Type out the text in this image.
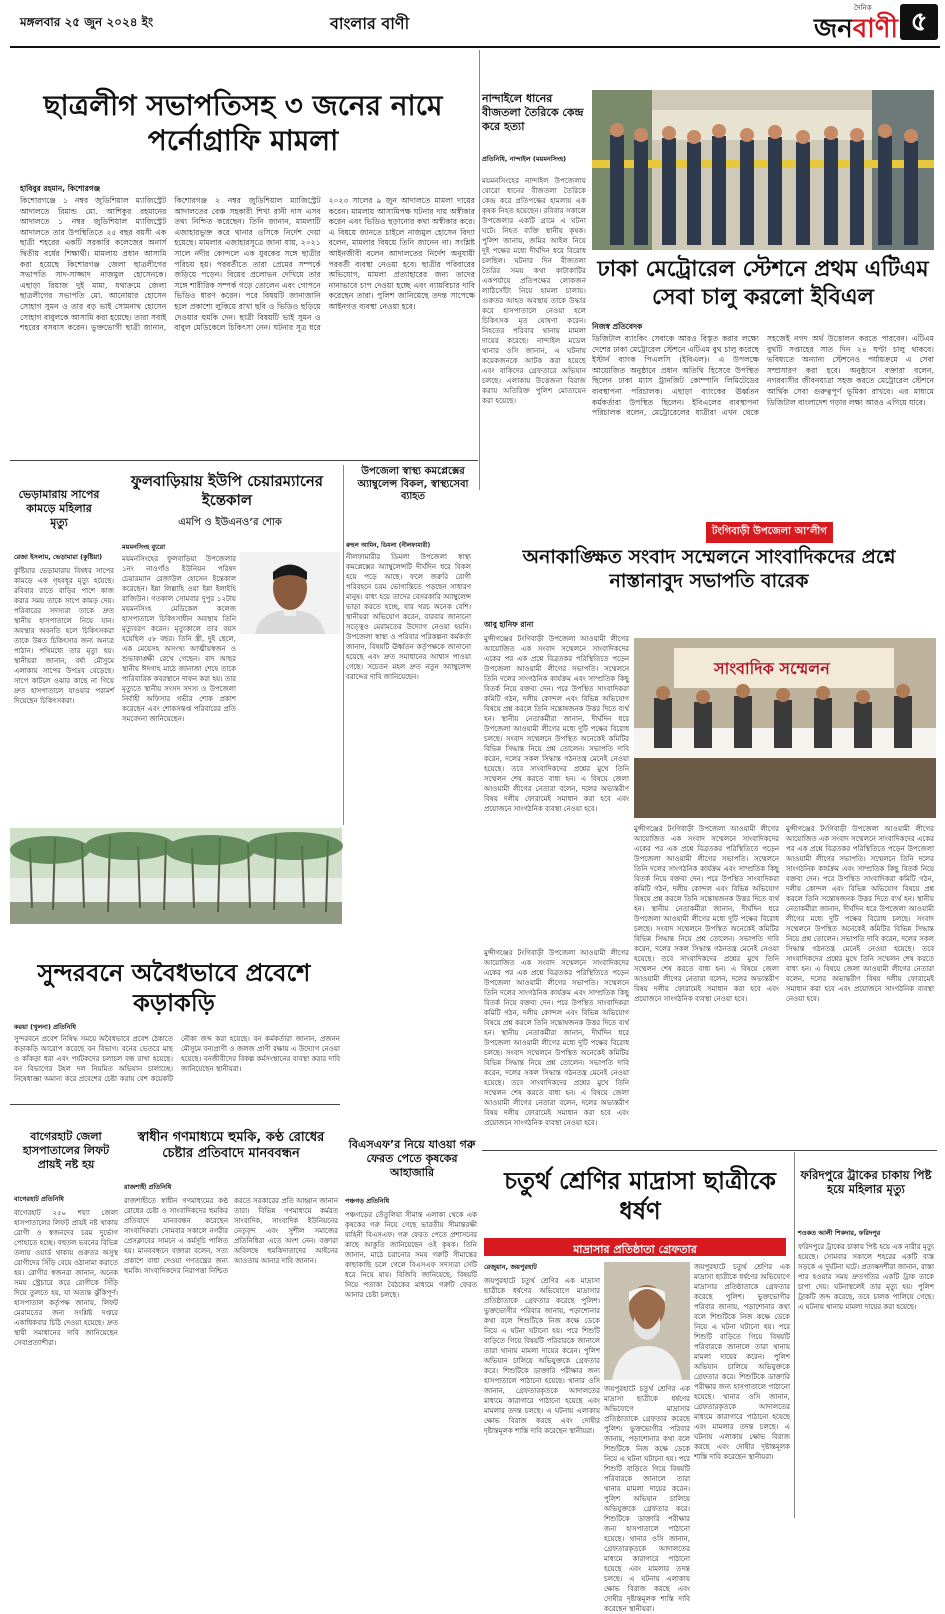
মঙ্গলবার ২৫ জুন ২০২৪ ইং	বাংলার বাণী
দৈনিক
জনবাণী ৫
ছাত্রলীগ সভাপতিসহ ৩ জনের নামে পর্নোগ্রাফি মামলা
হাবিবুর রহমান, কিশোরগঞ্জ
কিশোরগঞ্জে ১ নম্বর জুডিশিয়াল ম্যাজিস্ট্রেট আদালতে রিমান্ড মো. আশিকুর রহমানের আদালতে ১ নম্বর জুডিশিয়াল ম্যাজিস্ট্রেট আদালতে তার উপস্থিতিতে ২৫ বছর বয়সী এক ছাত্রী শহরের একটি সরকারি কলেজের অনার্স দ্বিতীয় বর্ষের শিক্ষার্থী। মামলায় প্রধান আসামি করা হয়েছে কিশোরগঞ্জ জেলা ছাত্রলীগের সভাপতি সাদ-সাজ্জাদ নাজমুল হোসেনকে। এছাড়া রিয়াজ দুই মামা, যথাক্রমে জেলা ছাত্রলীগের সভাপতি মো. আনোয়ার হোসেন সোহাগ সুমন ও তার বড় ভাই সোমনাথ হোসেন সোহাগ বাবুলকে আসামি করা হয়েছে। তারা সবাই শহরের বসবাস করেন। ভুক্তভোগী ছাত্রী জানান, কিশোরগঞ্জ ২ নম্বর জুডিশিয়াল ম্যাজিস্ট্রেট আদালতের বেঞ্চ সহকারী শিখা রানী দাস এসব তথ্য নিশ্চিত করেছেন। তিনি জানান, মামলাটি এজাহারভুক্ত করে থানার ওসিকে নির্দেশ দেয়া হয়েছে। মামলার এজাহারসূত্রে জানা যায়, ২০২১ সালে নদীর কোন্দলে এক যুবকের সঙ্গে ছাত্রীর পরিচয় হয়। পরবর্তীতে তারা প্রেমের সম্পর্কে জড়িয়ে পড়েন। বিয়ের প্রলোভন দেখিয়ে তার সঙ্গে শারীরিক সম্পর্ক গড়ে তোলেন এবং গোপনে ভিডিও ধারণ করেন। পরে বিষয়টি জানাজানি হলে প্রকাশ্যে লুকিয়ে রাখা ছবি ও ভিডিও ছড়িয়ে দেওয়ার হুমকি দেন। ছাত্রী বিষয়টি ভাই সুমন ও বাবুল মেডিকেলে চিকিৎসা নেন। ঘটনার সূত্র ধরে ২০২৩ সালের ৯ জুন আদালতে মামলা দায়ের করেন। মামলায় আসামিপক্ষ ঘটনার দায় অস্বীকার করেন এবং ভিডিও ছড়ানোর কথা অস্বীকার করে। এ বিষয়ে জানতে চাইলে নাজমুল হোসেন বিদ্যা বলেন, মামলার বিষয়ে তিনি জানেন না। সংশ্লিষ্ট আইনজীবী বলেন আদালতের নির্দেশ অনুযায়ী পরবর্তী ব্যবস্থা নেওয়া হবে। ছাত্রীর পরিবারের অভিযোগ, মামলা প্রত্যাহারের জন্য তাদের নানাভাবে চাপ দেওয়া হচ্ছে এবং ন্যায়বিচার দাবি করেছেন তারা। পুলিশ জানিয়েছে তদন্ত সাপেক্ষে আইনগত ব্যবস্থা নেওয়া হবে।
নান্দাইলে ধানের বীজতলা তৈরিকে কেন্দ্র করে হত্যা
প্রতিনিধি, নান্দাইল (ময়মনসিংহ)
ময়মনসিংহের নান্দাইল উপজেলায় বোরো ধানের বীজতলা তৈরিকে কেন্দ্র করে প্রতিপক্ষের হামলায় এক কৃষক নিহত হয়েছেন। রবিবার সকালে উপজেলার একটি গ্রামে এ ঘটনা ঘটে। নিহত ব্যক্তি স্থানীয় কৃষক। পুলিশ জানায়, জমির আইল নিয়ে দুই পক্ষের মধ্যে দীর্ঘদিন ধরে বিরোধ চলছিল। ঘটনার দিন বীজতলা তৈরির সময় কথা কাটাকাটির একপর্যায়ে প্রতিপক্ষের লোকজন লাঠিসোঁটা নিয়ে হামলা চালায়। গুরুতর আহত অবস্থায় তাকে উদ্ধার করে হাসপাতালে নেওয়া হলে চিকিৎসক মৃত ঘোষণা করেন। নিহতের পরিবার থানায় মামলা দায়ের করেছে। নান্দাইল মডেল থানার ওসি জানান, এ ঘটনায় কয়েকজনকে আটক করা হয়েছে এবং বাকিদের গ্রেফতারে অভিযান চলছে। এলাকায় উত্তেজনা বিরাজ করায় অতিরিক্ত পুলিশ মোতায়েন করা হয়েছে।
ঢাকা মেট্রোরেল স্টেশনে প্রথম এটিএম সেবা চালু করলো ইবিএল
নিজস্ব প্রতিবেদক
ডিজিটাল ব্যাংকিং সেবাকে আরও বিস্তৃত করার লক্ষ্যে দেশের ঢাকা মেট্রোরেল স্টেশনে এটিএম বুথ চালু করেছে ইস্টার্ন ব্যাংক পিএলসি (ইবিএল)। এ উপলক্ষে আয়োজিত অনুষ্ঠানে প্রধান অতিথি হিসেবে উপস্থিত ছিলেন ঢাকা ম্যাস ট্রানজিট কোম্পানি লিমিটেডের ব্যবস্থাপনা পরিচালক। এছাড়া ব্যাংকের ঊর্ধ্বতন কর্মকর্তারা উপস্থিত ছিলেন। ইবিএলের ব্যবস্থাপনা পরিচালক বলেন, মেট্রোরেলের যাত্রীরা এখন থেকে সহজেই নগদ অর্থ উত্তোলন করতে পারবেন। এটিএম বুথটি সপ্তাহের সাত দিন ২৪ ঘণ্টা চালু থাকবে। ভবিষ্যতে অন্যান্য স্টেশনেও পর্যায়ক্রমে এ সেবা সম্প্রসারণ করা হবে। অনুষ্ঠানে বক্তারা বলেন, নগরবাসীর জীবনযাত্রা সহজ করতে মেট্রোরেল স্টেশনে আর্থিক সেবা গুরুত্বপূর্ণ ভূমিকা রাখবে। এর মাধ্যমে ডিজিটাল বাংলাদেশ গড়ার লক্ষ্য আরও এগিয়ে যাবে।
ভেড়ামারায় সাপের কামড়ে মহিলার মৃত্যু
রেজা ইসলাম, ভেড়ামারা (কুষ্টিয়া)
কুষ্টিয়ার ভেড়ামারায় বিষধর সাপের কামড়ে এক গৃহবধূর মৃত্যু হয়েছে। রবিবার রাতে বাড়ির পাশে কাজ করার সময় তাকে সাপে কামড় দেয়। পরিবারের সদস্যরা তাকে দ্রুত স্থানীয় হাসপাতালে নিয়ে যান। অবস্থার অবনতি হলে চিকিৎসকরা তাকে উন্নত চিকিৎসার জন্য অন্যত্র পাঠান। পথিমধ্যে তার মৃত্যু হয়। স্থানীয়রা জানান, বর্ষা মৌসুমে এলাকায় সাপের উপদ্রব বেড়েছে। সাপে কাটলে ওঝার কাছে না গিয়ে দ্রুত হাসপাতালে যাওয়ার পরামর্শ দিয়েছেন চিকিৎসকরা।
ফুলবাড়িয়ায় ইউপি চেয়ারম্যানের ইন্তেকাল
এমপি ও ইউএনও’র শোক
ময়মনসিংহ ব্যুরো
ময়মনসিংহের ফুলবাড়িয়া উপজেলার ১নং নাওগাঁও ইউনিয়ন পরিষদ চেয়ারম্যান রেজাউল হোসেন ইন্তেকাল করেছেন। ইন্না লিল্লাহি ওয়া ইন্না ইলাইহি রাজিউন। গতকাল সোমবার দুপুর ১২টায় ময়মনসিংহ মেডিকেল কলেজ হাসপাতালে চিকিৎসাধীন অবস্থায় তিনি মৃত্যুবরণ করেন। মৃত্যুকালে তার বয়স হয়েছিল ৫৮ বছর। তিনি স্ত্রী, দুই ছেলে, এক মেয়েসহ অসংখ্য আত্মীয়স্বজন ও শুভাকাঙ্ক্ষী রেখে গেছেন। বাদ আছর স্থানীয় ঈদগাহ মাঠে জানাজা শেষে তাকে পারিবারিক কবরস্থানে দাফন করা হয়। তার মৃত্যুতে স্থানীয় সংসদ সদস্য ও উপজেলা নির্বাহী অফিসার গভীর শোক প্রকাশ করেছেন এবং শোকসন্তপ্ত পরিবারের প্রতি সমবেদনা জানিয়েছেন।
উপজেলা স্বাস্থ্য কমপ্লেক্সের অ্যাম্বুলেন্স বিকল, স্বাস্থ্যসেবা ব্যাহত
রুহুল আমিন, ডিমলা (নীলফামারী)
নীলফামারীর ডিমলা উপজেলা স্বাস্থ্য কমপ্লেক্সের অ্যাম্বুলেন্সটি দীর্ঘদিন ধরে বিকল হয়ে পড়ে আছে। ফলে জরুরি রোগী পরিবহনে চরম ভোগান্তিতে পড়ছেন সাধারণ মানুষ। বাধ্য হয়ে তাদের বেসরকারি অ্যাম্বুলেন্স ভাড়া করতে হচ্ছে, যার খরচ অনেক বেশি। স্থানীয়রা অভিযোগ করেন, বারবার জানানো সত্ত্বেও মেরামতের উদ্যোগ নেওয়া হয়নি। উপজেলা স্বাস্থ্য ও পরিবার পরিকল্পনা কর্মকর্তা জানান, বিষয়টি ঊর্ধ্বতন কর্তৃপক্ষকে জানানো হয়েছে এবং দ্রুত সমাধানের আশ্বাস পাওয়া গেছে। সচেতন মহল দ্রুত নতুন অ্যাম্বুলেন্স বরাদ্দের দাবি জানিয়েছেন।
সুন্দরবনে অবৈধভাবে প্রবেশে কড়াকড়ি
করয়া (খুলনা) প্রতিনিধি
সুন্দরবনে প্রবেশ নিষিদ্ধ সময়ে অবৈধভাবে প্রবেশ ঠেকাতে কড়াকড়ি আরোপ করেছে বন বিভাগ। বনের ভেতরে মাছ ও কাঁকড়া ধরা এবং পর্যটকদের চলাচল বন্ধ রাখা হয়েছে। বন বিভাগের টহল দল নিয়মিত অভিযান চালাচ্ছে। নিষেধাজ্ঞা অমান্য করে প্রবেশের চেষ্টা করায় বেশ কয়েকটি নৌকা জব্দ করা হয়েছে। বন কর্মকর্তারা জানান, প্রজনন মৌসুমে বন্যপ্রাণী ও জলজ প্রাণী রক্ষায় এ উদ্যোগ নেওয়া হয়েছে। বনজীবীদের বিকল্প কর্মসংস্থানের ব্যবস্থা করার দাবি জানিয়েছেন স্থানীয়রা।
টংগিবাড়ী উপজেলা আ’লীগ
অনাকাঙ্ক্ষিত সংবাদ সম্মেলনে সাংবাদিকদের প্রশ্নে নাস্তানাবুদ সভাপতি বারেক
আবু হানিফ রানা
মুন্সীগঞ্জের টংগিবাড়ী উপজেলা আওয়ামী লীগের আয়োজিত এক সংবাদ সম্মেলনে সাংবাদিকদের একের পর এক প্রশ্নে বিব্রতকর পরিস্থিতিতে পড়েন উপজেলা আওয়ামী লীগের সভাপতি। সম্মেলনে তিনি দলের সাংগঠনিক কার্যক্রম এবং সাম্প্রতিক কিছু বিতর্ক নিয়ে বক্তব্য দেন। পরে উপস্থিত সাংবাদিকরা কমিটি গঠন, দলীয় কোন্দল এবং বিভিন্ন অভিযোগ বিষয়ে প্রশ্ন করলে তিনি সন্তোষজনক উত্তর দিতে ব্যর্থ হন। স্থানীয় নেতাকর্মীরা জানান, দীর্ঘদিন ধরে উপজেলা আওয়ামী লীগের মধ্যে দুটি পক্ষের বিরোধ চলছে। সংবাদ সম্মেলনে উপস্থিত অনেকেই কমিটির বিভিন্ন সিদ্ধান্ত নিয়ে প্রশ্ন তোলেন। সভাপতি দাবি করেন, দলের সকল সিদ্ধান্ত গঠনতন্ত্র মেনেই নেওয়া হয়েছে। তবে সাংবাদিকদের প্রশ্নের মুখে তিনি সম্মেলন শেষ করতে বাধ্য হন। এ বিষয়ে জেলা আওয়ামী লীগের নেতারা বলেন, দলের অভ্যন্তরীণ বিষয় দলীয় ফোরামেই সমাধান করা হবে এবং প্রয়োজনে সাংগঠনিক ব্যবস্থা নেওয়া হবে।
সাংবাদিক সম্মেলন
মুন্সীগঞ্জের টংগিবাড়ী উপজেলা আওয়ামী লীগের আয়োজিত এক সংবাদ সম্মেলনে সাংবাদিকদের একের পর এক প্রশ্নে বিব্রতকর পরিস্থিতিতে পড়েন উপজেলা আওয়ামী লীগের সভাপতি। সম্মেলনে তিনি দলের সাংগঠনিক কার্যক্রম এবং সাম্প্রতিক কিছু বিতর্ক নিয়ে বক্তব্য দেন। পরে উপস্থিত সাংবাদিকরা কমিটি গঠন, দলীয় কোন্দল এবং বিভিন্ন অভিযোগ বিষয়ে প্রশ্ন করলে তিনি সন্তোষজনক উত্তর দিতে ব্যর্থ হন। স্থানীয় নেতাকর্মীরা জানান, দীর্ঘদিন ধরে উপজেলা আওয়ামী লীগের মধ্যে দুটি পক্ষের বিরোধ চলছে। সংবাদ সম্মেলনে উপস্থিত অনেকেই কমিটির বিভিন্ন সিদ্ধান্ত নিয়ে প্রশ্ন তোলেন। সভাপতি দাবি করেন, দলের সকল সিদ্ধান্ত গঠনতন্ত্র মেনেই নেওয়া হয়েছে। তবে সাংবাদিকদের প্রশ্নের মুখে তিনি সম্মেলন শেষ করতে বাধ্য হন। এ বিষয়ে জেলা আওয়ামী লীগের নেতারা বলেন, দলের অভ্যন্তরীণ বিষয় দলীয় ফোরামেই সমাধান করা হবে এবং প্রয়োজনে সাংগঠনিক ব্যবস্থা নেওয়া হবে।
মুন্সীগঞ্জের টংগিবাড়ী উপজেলা আওয়ামী লীগের আয়োজিত এক সংবাদ সম্মেলনে সাংবাদিকদের একের পর এক প্রশ্নে বিব্রতকর পরিস্থিতিতে পড়েন উপজেলা আওয়ামী লীগের সভাপতি। সম্মেলনে তিনি দলের সাংগঠনিক কার্যক্রম এবং সাম্প্রতিক কিছু বিতর্ক নিয়ে বক্তব্য দেন। পরে উপস্থিত সাংবাদিকরা কমিটি গঠন, দলীয় কোন্দল এবং বিভিন্ন অভিযোগ বিষয়ে প্রশ্ন করলে তিনি সন্তোষজনক উত্তর দিতে ব্যর্থ হন। স্থানীয় নেতাকর্মীরা জানান, দীর্ঘদিন ধরে উপজেলা আওয়ামী লীগের মধ্যে দুটি পক্ষের বিরোধ চলছে। সংবাদ সম্মেলনে উপস্থিত অনেকেই কমিটির বিভিন্ন সিদ্ধান্ত নিয়ে প্রশ্ন তোলেন। সভাপতি দাবি করেন, দলের সকল সিদ্ধান্ত গঠনতন্ত্র মেনেই নেওয়া হয়েছে। তবে সাংবাদিকদের প্রশ্নের মুখে তিনি সম্মেলন শেষ করতে বাধ্য হন। এ বিষয়ে জেলা আওয়ামী লীগের নেতারা বলেন, দলের অভ্যন্তরীণ বিষয় দলীয় ফোরামেই সমাধান করা হবে এবং প্রয়োজনে সাংগঠনিক ব্যবস্থা নেওয়া হবে।
মুন্সীগঞ্জের টংগিবাড়ী উপজেলা আওয়ামী লীগের আয়োজিত এক সংবাদ সম্মেলনে সাংবাদিকদের একের পর এক প্রশ্নে বিব্রতকর পরিস্থিতিতে পড়েন উপজেলা আওয়ামী লীগের সভাপতি। সম্মেলনে তিনি দলের সাংগঠনিক কার্যক্রম এবং সাম্প্রতিক কিছু বিতর্ক নিয়ে বক্তব্য দেন। পরে উপস্থিত সাংবাদিকরা কমিটি গঠন, দলীয় কোন্দল এবং বিভিন্ন অভিযোগ বিষয়ে প্রশ্ন করলে তিনি সন্তোষজনক উত্তর দিতে ব্যর্থ হন। স্থানীয় নেতাকর্মীরা জানান, দীর্ঘদিন ধরে উপজেলা আওয়ামী লীগের মধ্যে দুটি পক্ষের বিরোধ চলছে। সংবাদ সম্মেলনে উপস্থিত অনেকেই কমিটির বিভিন্ন সিদ্ধান্ত নিয়ে প্রশ্ন তোলেন। সভাপতি দাবি করেন, দলের সকল সিদ্ধান্ত গঠনতন্ত্র মেনেই নেওয়া হয়েছে। তবে সাংবাদিকদের প্রশ্নের মুখে তিনি সম্মেলন শেষ করতে বাধ্য হন। এ বিষয়ে জেলা আওয়ামী লীগের নেতারা বলেন, দলের অভ্যন্তরীণ বিষয় দলীয় ফোরামেই সমাধান করা হবে এবং প্রয়োজনে সাংগঠনিক ব্যবস্থা নেওয়া হবে।
বাগেরহাট জেলা হাসপাতালের লিফট প্রায়ই নষ্ট হয়
বাগেরহাট প্রতিনিধি
বাগেরহাট ২৫০ শয্যা জেলা হাসপাতালের লিফট প্রায়ই নষ্ট থাকায় রোগী ও স্বজনদের চরম দুর্ভোগ পোহাতে হচ্ছে। বহুতল ভবনের বিভিন্ন তলায় ওয়ার্ড থাকায় গুরুতর অসুস্থ রোগীদের সিঁড়ি বেয়ে ওঠানামা করাতে হয়। রোগীর স্বজনরা জানান, অনেক সময় স্ট্রেচারে করে রোগীকে সিঁড়ি দিয়ে তুলতে হয়, যা অত্যন্ত ঝুঁকিপূর্ণ। হাসপাতাল কর্তৃপক্ষ জানায়, লিফট মেরামতের জন্য সংশ্লিষ্ট দপ্তরে একাধিকবার চিঠি দেওয়া হয়েছে। দ্রুত স্থায়ী সমাধানের দাবি জানিয়েছেন সেবাপ্রত্যাশীরা।
স্বাধীন গণমাধ্যমে হুমকি, কণ্ঠ রোধের চেষ্টার প্রতিবাদে মানববন্ধন
রাজশাহী প্রতিনিধি
রাজশাহীতে স্বাধীন গণমাধ্যমের কণ্ঠ রোধের চেষ্টা ও সাংবাদিকদের হুমকির প্রতিবাদে মানববন্ধন করেছেন সাংবাদিকরা। সোমবার সকালে নগরীর প্রেসক্লাবের সামনে এ কর্মসূচি পালিত হয়। মানববন্ধনে বক্তারা বলেন, সত্য প্রকাশে বাধা দেওয়া গণতন্ত্রের জন্য হুমকি। সাংবাদিকদের নিরাপত্তা নিশ্চিত করতে সরকারের প্রতি আহ্বান জানান তারা। বিভিন্ন গণমাধ্যমে কর্মরত সাংবাদিক, সাংবাদিক ইউনিয়নের নেতৃবৃন্দ এবং সুশীল সমাজের প্রতিনিধিরা এতে অংশ নেন। বক্তারা অবিলম্বে হুমকিদাতাদের আইনের আওতায় আনার দাবি জানান।
বিএসএফ’র নিয়ে যাওয়া গরু ফেরত পেতে কৃষকের আহাজারি
পঞ্চগড় প্রতিনিধি
পঞ্চগড়ের তেঁতুলিয়া সীমান্ত এলাকা থেকে এক কৃষকের গরু নিয়ে গেছে ভারতীয় সীমান্তরক্ষী বাহিনী বিএসএফ। গরু ফেরত পেতে প্রশাসনের কাছে আকুতি জানিয়েছেন ওই কৃষক। তিনি জানান, মাঠে চরানোর সময় গরুটি সীমান্তের কাছাকাছি চলে গেলে বিএসএফ সদস্যরা সেটি ধরে নিয়ে যায়। বিজিবি জানিয়েছে, বিষয়টি নিয়ে পতাকা বৈঠকের মাধ্যমে গরুটি ফেরত আনার চেষ্টা চলছে।
চতুর্থ শ্রেণির মাদ্রাসা ছাত্রীকে ধর্ষণ
মাদ্রাসার প্রতিষ্ঠাতা গ্রেফতার
রেজুয়ান, জয়পুরহাট
জয়পুরহাটে চতুর্থ শ্রেণির এক মাদ্রাসা ছাত্রীকে ধর্ষণের অভিযোগে মাদ্রাসার প্রতিষ্ঠাতাকে গ্রেফতার করেছে পুলিশ। ভুক্তভোগীর পরিবার জানায়, পড়াশোনার কথা বলে শিশুটিকে নিজ কক্ষে ডেকে নিয়ে এ ঘটনা ঘটানো হয়। পরে শিশুটি বাড়িতে গিয়ে বিষয়টি পরিবারকে জানালে তারা থানায় মামলা দায়ের করেন। পুলিশ অভিযান চালিয়ে অভিযুক্তকে গ্রেফতার করে। শিশুটিকে ডাক্তারি পরীক্ষার জন্য হাসপাতালে পাঠানো হয়েছে। থানার ওসি জানান, গ্রেফতারকৃতকে আদালতের মাধ্যমে কারাগারে পাঠানো হয়েছে এবং মামলার তদন্ত চলছে। এ ঘটনায় এলাকায় ক্ষোভ বিরাজ করছে এবং দোষীর দৃষ্টান্তমূলক শাস্তি দাবি করেছেন স্থানীয়রা।
জয়পুরহাটে চতুর্থ শ্রেণির এক মাদ্রাসা ছাত্রীকে ধর্ষণের অভিযোগে মাদ্রাসার প্রতিষ্ঠাতাকে গ্রেফতার করেছে পুলিশ। ভুক্তভোগীর পরিবার জানায়, পড়াশোনার কথা বলে শিশুটিকে নিজ কক্ষে ডেকে নিয়ে এ ঘটনা ঘটানো হয়। পরে শিশুটি বাড়িতে গিয়ে বিষয়টি পরিবারকে জানালে তারা থানায় মামলা দায়ের করেন। পুলিশ অভিযান চালিয়ে অভিযুক্তকে গ্রেফতার করে। শিশুটিকে ডাক্তারি পরীক্ষার জন্য হাসপাতালে পাঠানো হয়েছে। থানার ওসি জানান, গ্রেফতারকৃতকে আদালতের মাধ্যমে কারাগারে পাঠানো হয়েছে এবং মামলার তদন্ত চলছে। এ ঘটনায় এলাকায় ক্ষোভ বিরাজ করছে এবং দোষীর দৃষ্টান্তমূলক শাস্তি দাবি করেছেন স্থানীয়রা।
জয়পুরহাটে চতুর্থ শ্রেণির এক মাদ্রাসা ছাত্রীকে ধর্ষণের অভিযোগে মাদ্রাসার প্রতিষ্ঠাতাকে গ্রেফতার করেছে পুলিশ। ভুক্তভোগীর পরিবার জানায়, পড়াশোনার কথা বলে শিশুটিকে নিজ কক্ষে ডেকে নিয়ে এ ঘটনা ঘটানো হয়। পরে শিশুটি বাড়িতে গিয়ে বিষয়টি পরিবারকে জানালে তারা থানায় মামলা দায়ের করেন। পুলিশ অভিযান চালিয়ে অভিযুক্তকে গ্রেফতার করে। শিশুটিকে ডাক্তারি পরীক্ষার জন্য হাসপাতালে পাঠানো হয়েছে। থানার ওসি জানান, গ্রেফতারকৃতকে আদালতের মাধ্যমে কারাগারে পাঠানো হয়েছে এবং মামলার তদন্ত চলছে। এ ঘটনায় এলাকায় ক্ষোভ বিরাজ করছে এবং দোষীর দৃষ্টান্তমূলক শাস্তি দাবি করেছেন স্থানীয়রা।
ফরিদপুরে ট্রাকের চাকায় পিষ্ট হয়ে মহিলার মৃত্যু
শওকত আলী শিকদার, ফরিদপুর
ফরিদপুরে ট্রাকের চাকায় পিষ্ট হয়ে এক নারীর মৃত্যু হয়েছে। সোমবার সকালে শহরের একটি ব্যস্ত সড়কে এ দুর্ঘটনা ঘটে। প্রত্যক্ষদর্শীরা জানান, রাস্তা পার হওয়ার সময় দ্রুতগতির একটি ট্রাক তাকে চাপা দেয়। ঘটনাস্থলেই তার মৃত্যু হয়। পুলিশ ট্রাকটি জব্দ করেছে, তবে চালক পালিয়ে গেছে। এ ঘটনায় থানায় মামলা দায়ের করা হয়েছে।
